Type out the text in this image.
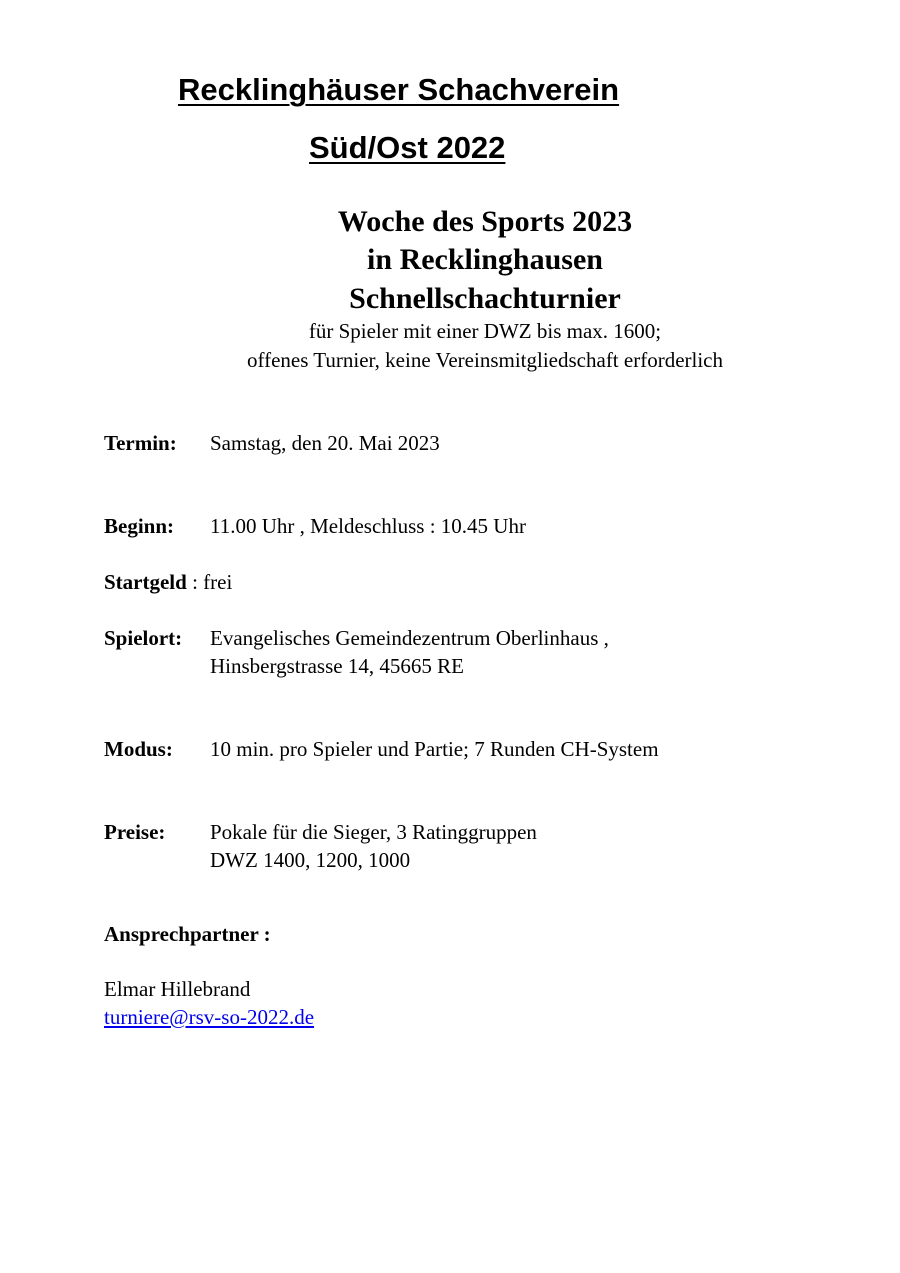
Recklinghäuser Schachverein
Süd/Ost 2022
Woche des Sports 2023
in Recklinghausen
Schnellschachturnier
für Spieler mit einer DWZ bis max. 1600;
offenes Turnier, keine Vereinsmitgliedschaft erforderlich
Termin: Samstag, den 20. Mai 2023
Beginn: 11.00 Uhr , Meldeschluss : 10.45 Uhr
Startgeld : frei
Spielort: Evangelisches Gemeindezentrum Oberlinhaus ,
Hinsbergstrasse 14, 45665 RE
Modus: 10 min. pro Spieler und Partie; 7 Runden CH-System
Preise: Pokale für die Sieger, 3 Ratinggruppen
DWZ 1400, 1200, 1000
Ansprechpartner :
Elmar Hillebrand
turniere@rsv-so-2022.de
